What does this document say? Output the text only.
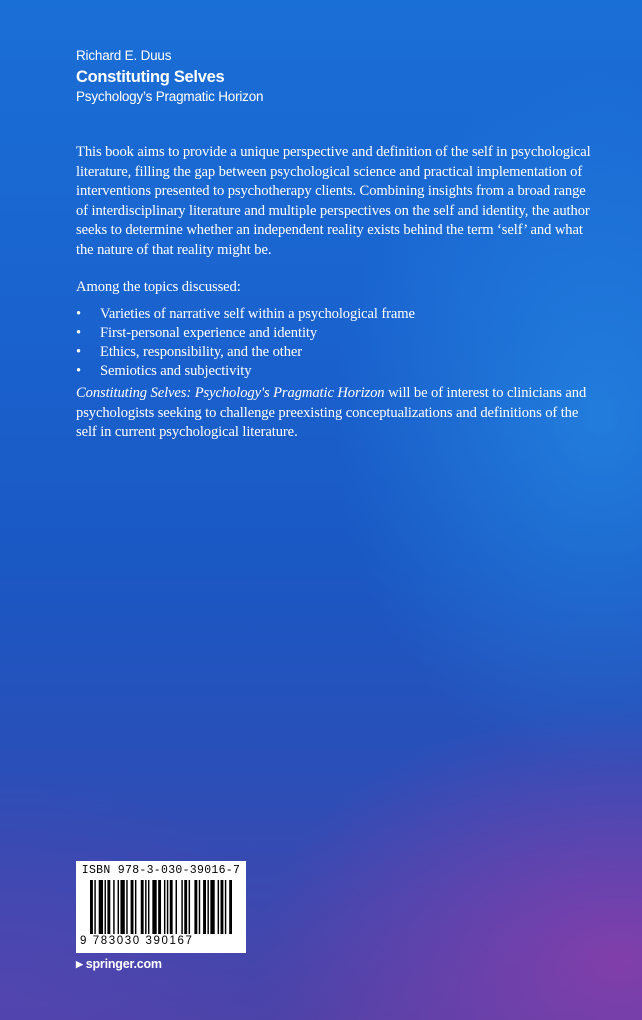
Richard E. Duus
Constituting Selves
Psychology’s Pragmatic Horizon

This book aims to provide a unique perspective and definition of the self in psychological literature, filling the gap between psychological science and practical implementation of interventions presented to psychotherapy clients. Combining insights from a broad range of interdisciplinary literature and multiple perspectives on the self and identity, the author seeks to determine whether an independent reality exists behind the term ‘self’ and what the nature of that reality might be.

Among the topics discussed:

• Varieties of narrative self within a psychological frame
• First-personal experience and identity
• Ethics, responsibility, and the other
• Semiotics and subjectivity

Constituting Selves: Psychology's Pragmatic Horizon will be of interest to clinicians and psychologists seeking to challenge preexisting conceptualizations and definitions of the self in current psychological literature.

ISBN 978-3-030-39016-7
9 783030 390167
▶ springer.com
